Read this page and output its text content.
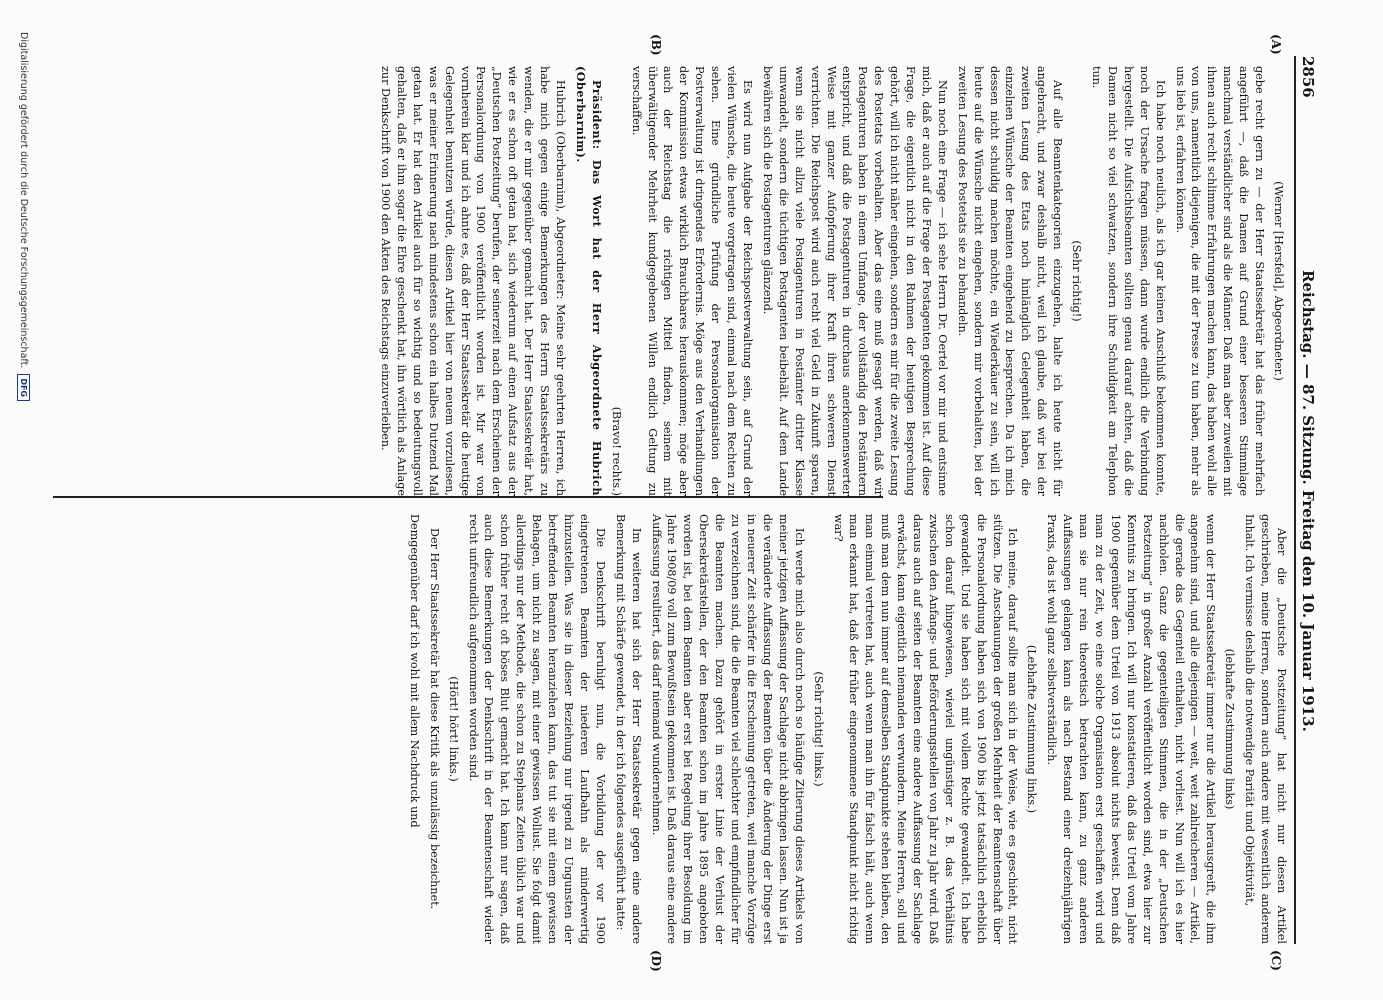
2856
Reichstag. — 87. Sitzung. Freitag den 10. Januar 1913.
(A)
(B)
(C)
(D)

(Werner [Hersfeld], Abgeordneter.)

gebe recht gern zu — der Herr Staatssekretär hat das früher mehrfach angeführt —, daß die Damen auf Grund einer besseren Stimmlage manchmal verständlicher sind als die Männer. Daß man aber zuweilen mit ihnen auch recht schlimme Erfahrungen machen kann, das haben wohl alle von uns, namentlich diejenigen, die mit der Presse zu tun haben, mehr als uns lieb ist, erfahren können.

Ich habe noch neulich, als ich gar keinen Anschluß bekommen konnte, noch der Ursache fragen müssen, dann wurde endlich die Verbindung hergestellt. Die Aufsichtsbeamten sollten genau darauf achten, daß die Damen nicht so viel schwatzen, sondern ihre Schuldigkeit am Telephon tun.

(Sehr richtig!)

Auf alle Beamtenkategorien einzugehen, halte ich heute nicht für angebracht, und zwar deshalb nicht, weil ich glaube, daß wir bei der zweiten Lesung des Etats noch hinlänglich Gelegenheit haben, die einzelnen Wünsche der Beamten eingehend zu besprechen. Da ich mich dessen nicht schuldig machen möchte, ein Wiederkäuer zu sein, will ich heute auf die Wünsche nicht eingehen, sondern mir vorbehalten, bei der zweiten Lesung des Postetats sie zu behandeln.

Nun noch eine Frage — ich sehe Herrn Dr. Oertel vor mir und entsinne mich, daß er auch auf die Frage der Postagenten gekommen ist. Auf diese Frage, die eigentlich nicht in den Rahmen der heutigen Besprechung gehört, will ich nicht näher eingehen, sondern es mir für die zweite Lesung des Postetats vorbehalten. Aber das eine muß gesagt werden, daß wir Postagenturen haben in einem Umfange, der vollständig den Postämtern entspricht, und daß die Postagenturen in durchaus anerkennenswerter Weise mit ganzer Aufopferung ihrer Kraft ihren schweren Dienst verrichten. Die Reichspost wird auch recht viel Geld in Zukunft sparen, wenn sie nicht allzu viele Postagenturen in Postämter dritter Klasse umwandelt, sondern die tüchtigen Postagenten beibehält. Auf dem Lande bewähren sich die Postagenturen glänzend.

Es wird nun Aufgabe der Reichspostverwaltung sein, auf Grund der vielen Wünsche, die heute vorgetragen sind, einmal nach dem Rechten zu sehen. Eine gründliche Prüfung der Personalorganisation der Postverwaltung ist dringendes Erfordernis. Möge aus den Verhandlungen der Kommission etwas wirklich Brauchbares herauskommen; möge aber auch der Reichstag die richtigen Mittel finden, seinem mit überwältigender Mehrheit kundgegebenen Willen endlich Geltung zu verschaffen.

(Bravo! rechts.)

Präsident: Das Wort hat der Herr Abgeordnete Hubrich (Oberbarnim).

Hubrich (Oberbarnim), Abgeordneter: Meine sehr geehrten Herren, ich habe mich gegen einige Bemerkungen des Herrn Staatssekretärs zu wenden, die er mir gegenüber gemacht hat. Der Herr Staatssekretär hat, wie er es schon oft getan hat, sich wiederum auf einen Aufsatz aus der „Deutschen Postzeitung“ berufen, der seinerzeit nach dem Erscheinen der Personalordnung von 1900 veröffentlicht worden ist. Mir war von vornherein klar und ich ahnte es, daß der Herr Staatssekretär die heutige Gelegenheit benutzen würde, diesen Artikel hier von neuem vorzulesen, was er meiner Erinnerung nach mindestens schon ein halbes Dutzend Mal getan hat. Er hat den Artikel auch für so wichtig und so bedeutungsvoll gehalten, daß er ihm sogar die Ehre geschenkt hat, ihn wörtlich als Anlage zur Denkschrift von 1900 den Akten des Reichstags einzuverleiben.

Aber die „Deutsche Postzeitung“ hat nicht nur diesen Artikel geschrieben, meine Herren, sondern auch andere mit wesentlich anderem Inhalt. Ich vermisse deshalb die notwendige Parität und Objektivität,

(lebhafte Zustimmung links)

wenn der Herr Staatssekretär immer nur die Artikel herausgreift, die ihm angenehm sind, und alle diejenigen — weit, weit zahlreicheren — Artikel, die gerade das Gegenteil enthalten, nicht vorliest. Nun will ich es hier nachholen. Ganz die gegenteiligen Stimmen, die in der „Deutschen Postzeitung“ in großer Anzahl veröffentlicht worden sind, etwa hier zur Kenntnis zu bringen. Ich will nur konstatieren, daß das Urteil vom Jahre 1900 gegenüber dem Urteil von 1913 absolut nichts beweist. Denn daß man zu der Zeit, wo eine solche Organisation erst geschaffen wird und man sie nur rein theoretisch betrachten kann, zu ganz anderen Auffassungen gelangen kann als nach Bestand einer dreizehnjährigen Praxis, das ist wohl ganz selbstverständlich.

(Lebhafte Zustimmung links.)

Ich meine, darauf sollte man sich in der Weise, wie es geschieht, nicht stützen. Die Anschauungen der großen Mehrheit der Beamtenschaft über die Personalordnung haben sich von 1900 bis jetzt tatsächlich erheblich gewandelt. Und sie haben sich mit vollem Rechte gewandelt. Ich habe schon darauf hingewiesen, wieviel ungünstiger z. B. das Verhältnis zwischen den Anfangs- und Beförderungsstellen von Jahr zu Jahr wird. Daß daraus auch auf seiten der Beamten eine andere Auffassung der Sachlage erwächst, kann eigentlich niemanden verwundern. Meine Herren, soll und muß man dem nun immer auf demselben Standpunkte stehen bleiben, den man einmal vertreten hat, auch wenn man ihn für falsch hält, auch wenn man erkannt hat, daß der früher eingenommene Standpunkt nicht richtig war?

(Sehr richtig! links.)

Ich werde mich also durch noch so häufige Zitierung dieses Artikels von meiner jetzigen Auffassung der Sachlage nicht abbringen lassen. Nun ist ja die veränderte Auffassung der Beamten über die Änderung der Dinge erst in neuerer Zeit schärfer in die Erscheinung getreten, weil manche Vorzüge zu verzeichnen sind, die die Beamten viel schlechter und empfindlicher für die Beamten machen. Dazu gehört in erster Linie der Verlust der Obersekretärstellen, der den Beamten schon im Jahre 1895 angeboten worden ist, bei dem Beamten aber erst bei Regelung ihrer Besoldung im Jahre 1908/09 voll zum Bewußtsein gekommen ist. Daß daraus eine andere Auffassung resultiert, das darf niemand wundernehmen.

Im weiteren hat sich der Herr Staatssekretär gegen eine andere Bemerkung mit Schärfe gewendet, in der ich folgendes ausgeführt hatte:

Die Denkschrift beruhigt nun, die Vorbildung der vor 1900 eingetretenen Beamten der niederen Laufbahn als minderwertig hinzustellen. Was sie in dieser Beziehung nur irgend zu Ungunsten der betreffenden Beamten heranziehen kann, das tut sie mit einem gewissen Behagen, um nicht zu sagen, mit einer gewissen Wollust. Sie folgt damit allerdings nur der Methode, die schon zu Stephans Zeiten üblich war und schon früher recht oft böses Blut gemacht hat. Ich kann nur sagen, daß auch diese Bemerkungen der Denkschrift in der Beamtenschaft wieder recht unfreundlich aufgenommen worden sind.

(Hört! hört! links.)

Der Herr Staatssekretär hat diese Kritik als unzulässig bezeichnet.

Demgegenüber darf ich wohl mit allem Nachdruck und

Digitalisierung gefördert durch die Deutsche Forschungsgemeinschaft.
DFG
